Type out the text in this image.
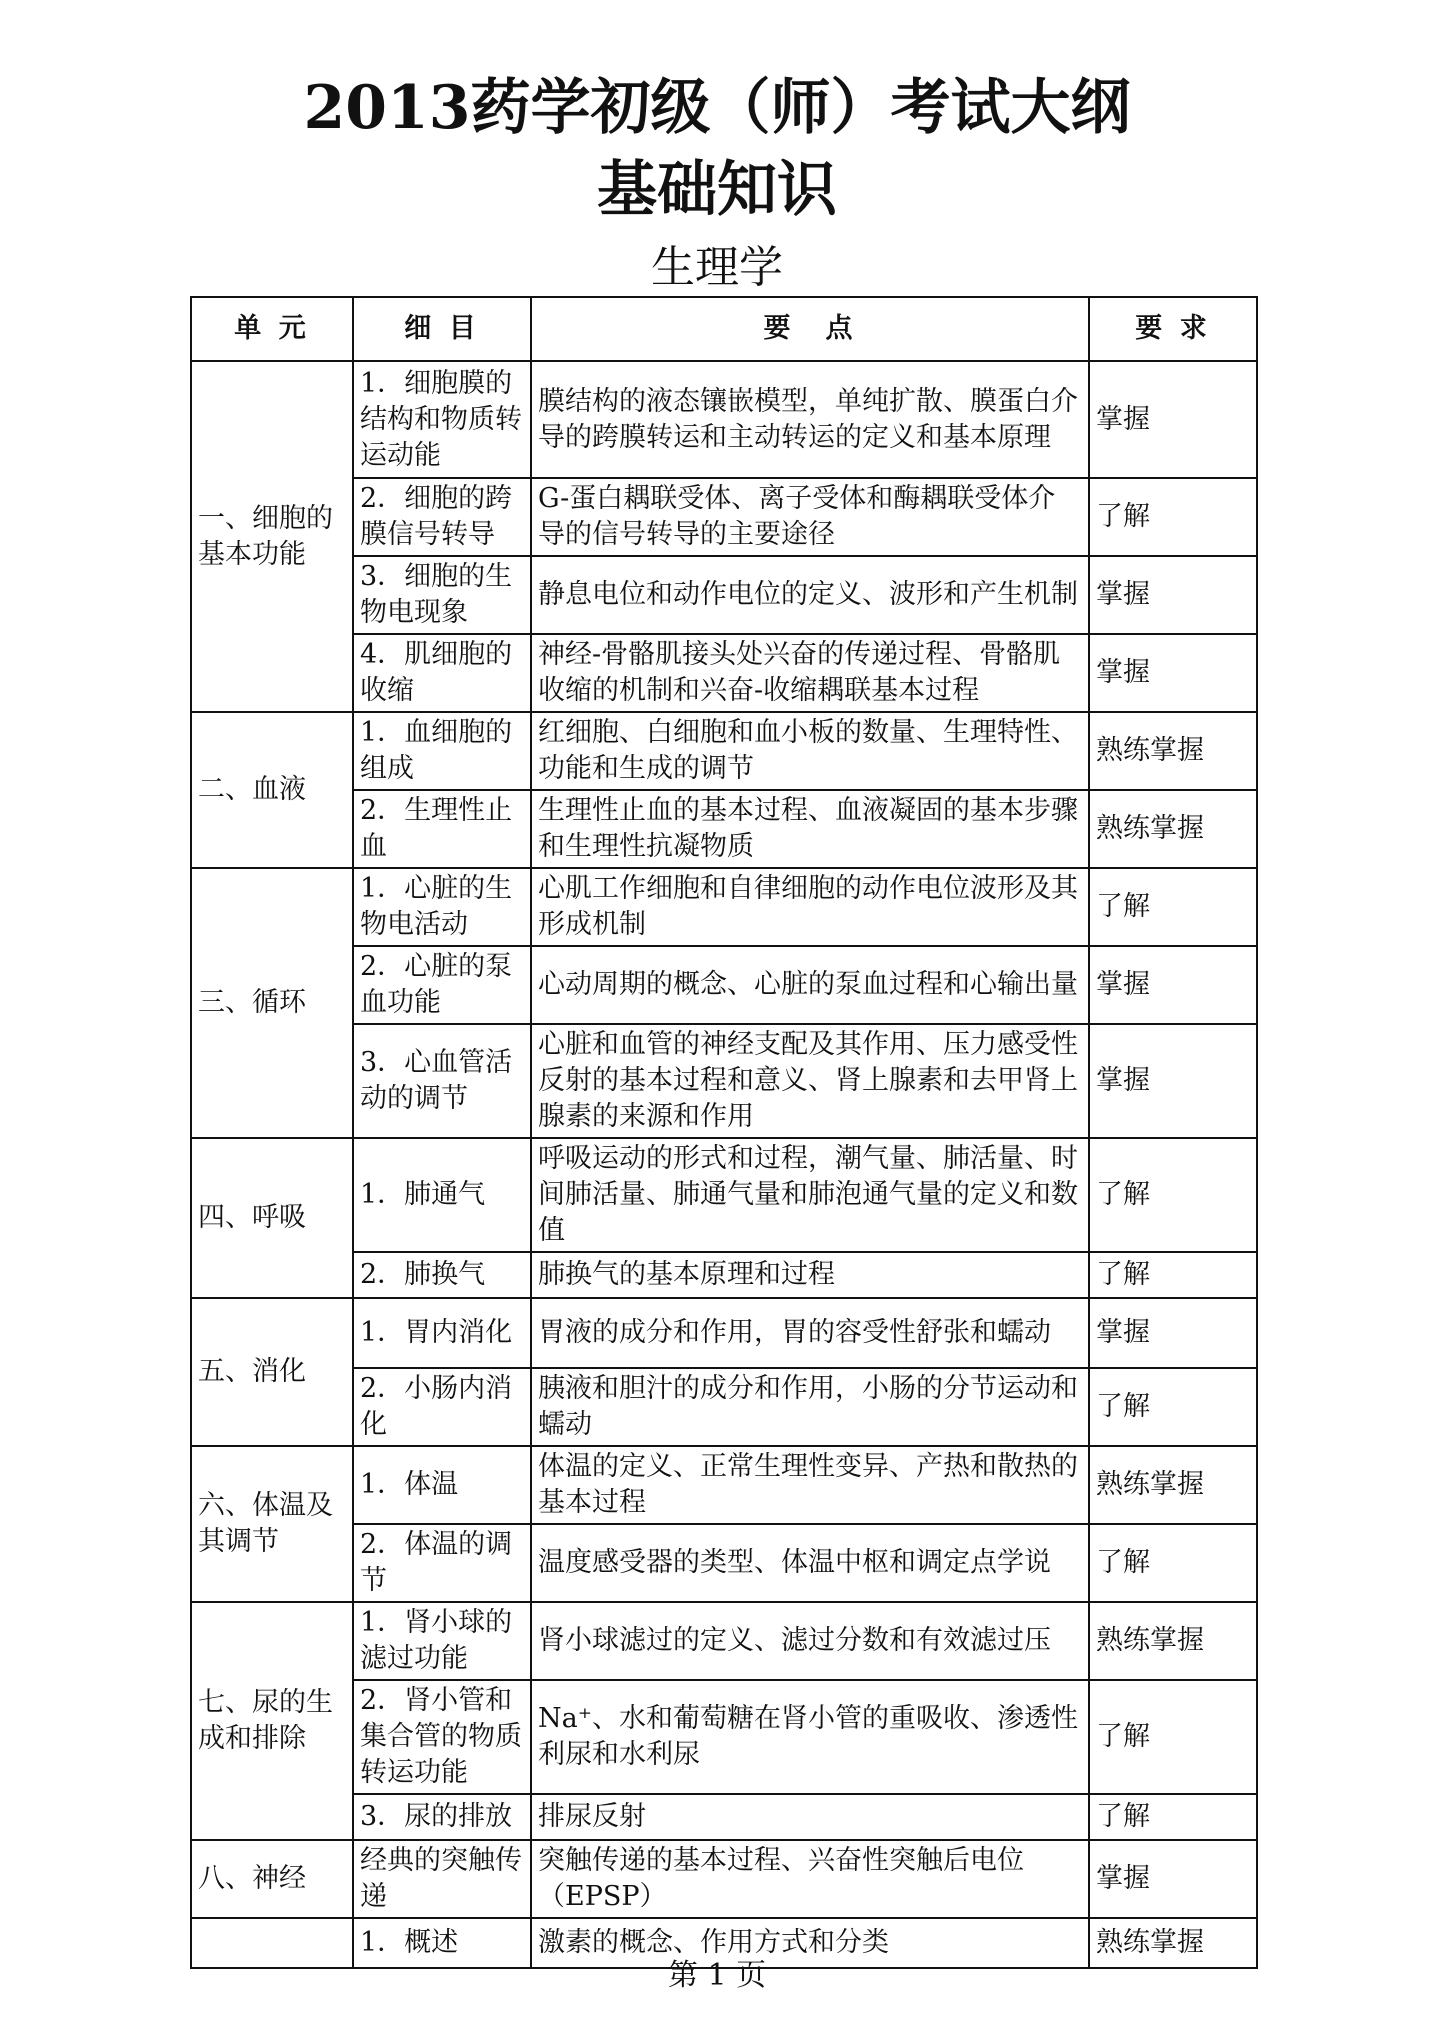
2013药学初级（师）考试大纲
基础知识
生理学
单 元	细 目	要　点	要 求
一、细胞的基本功能	1．细胞膜的结构和物质转运动能	膜结构的液态镶嵌模型，单纯扩散、膜蛋白介导的跨膜转运和主动转运的定义和基本原理	掌握
	2．细胞的跨膜信号转导	G-蛋白耦联受体、离子受体和酶耦联受体介导的信号转导的主要途径	了解
	3．细胞的生物电现象	静息电位和动作电位的定义、波形和产生机制	掌握
	4．肌细胞的收缩	神经-骨骼肌接头处兴奋的传递过程、骨骼肌收缩的机制和兴奋-收缩耦联基本过程	掌握
二、血液	1．血细胞的组成	红细胞、白细胞和血小板的数量、生理特性、功能和生成的调节	熟练掌握
	2．生理性止血	生理性止血的基本过程、血液凝固的基本步骤和生理性抗凝物质	熟练掌握
三、循环	1．心脏的生物电活动	心肌工作细胞和自律细胞的动作电位波形及其形成机制	了解
	2．心脏的泵血功能	心动周期的概念、心脏的泵血过程和心输出量	掌握
	3．心血管活动的调节	心脏和血管的神经支配及其作用、压力感受性反射的基本过程和意义、肾上腺素和去甲肾上腺素的来源和作用	掌握
四、呼吸	1．肺通气	呼吸运动的形式和过程，潮气量、肺活量、时间肺活量、肺通气量和肺泡通气量的定义和数值	了解
	2．肺换气	肺换气的基本原理和过程	了解
五、消化	1．胃内消化	胃液的成分和作用，胃的容受性舒张和蠕动	掌握
	2．小肠内消化	胰液和胆汁的成分和作用，小肠的分节运动和蠕动	了解
六、体温及其调节	1．体温	体温的定义、正常生理性变异、产热和散热的基本过程	熟练掌握
	2．体温的调节	温度感受器的类型、体温中枢和调定点学说	了解
七、尿的生成和排除	1．肾小球的滤过功能	肾小球滤过的定义、滤过分数和有效滤过压	熟练掌握
	2．肾小管和集合管的物质转运功能	Na⁺、水和葡萄糖在肾小管的重吸收、渗透性利尿和水利尿	了解
	3．尿的排放	排尿反射	了解
八、神经	经典的突触传递	突触传递的基本过程、兴奋性突触后电位（EPSP）	掌握
	1．概述	激素的概念、作用方式和分类	熟练掌握
第 1 页
